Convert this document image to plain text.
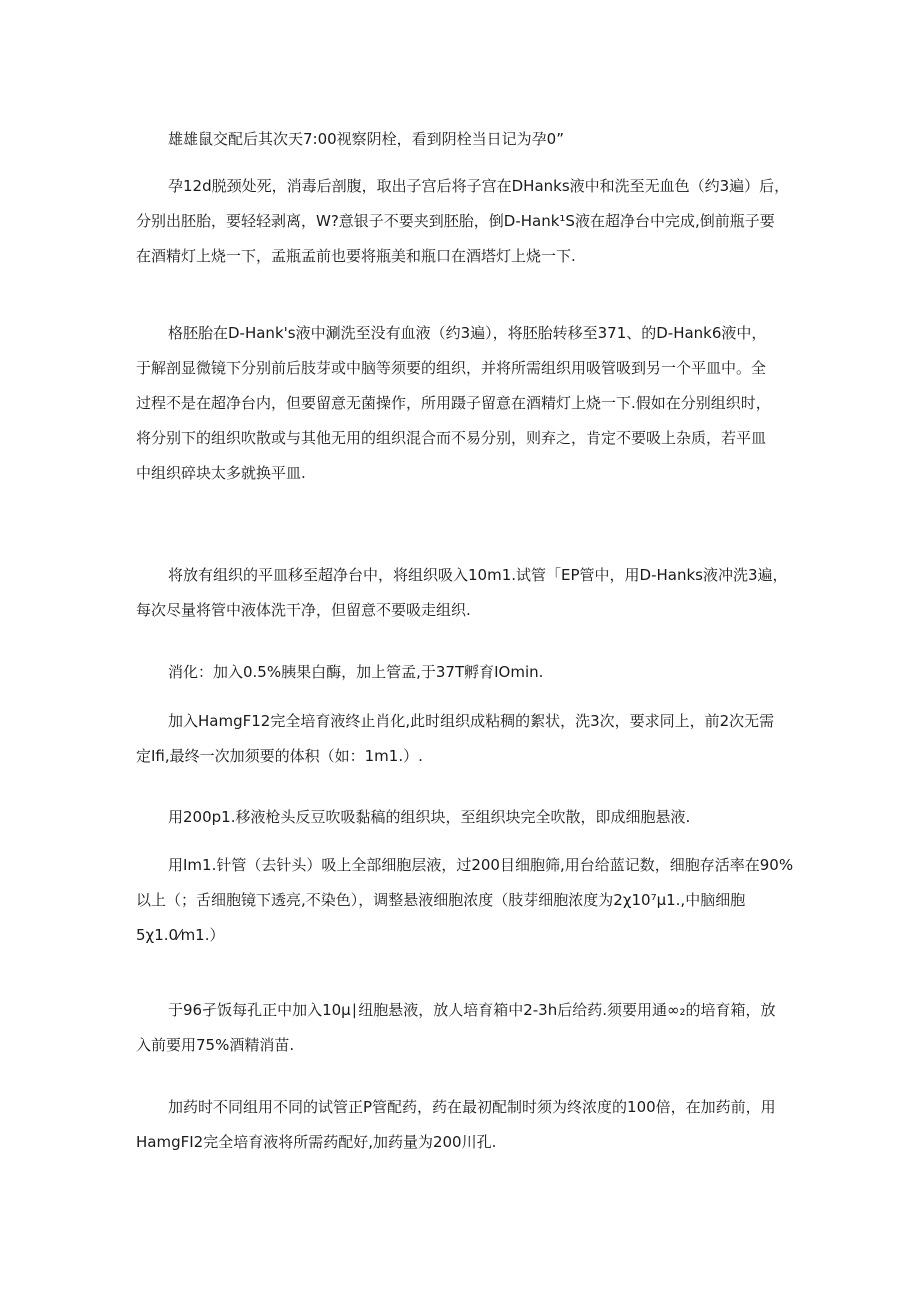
雄雄鼠交配后其次天7:00视察阴栓，看到阴栓当日记为孕0”

孕12d脱颈处死，消毒后剖腹，取出子宫后将子宫在DHanks液中和洗至无血色（约3遍）后，
分别出胚胎，要轻轻剥离，W?意银子不要夹到胚胎，倒D-Hank¹S液在超净台中完成,倒前瓶子要
在酒精灯上烧一下，孟瓶孟前也要将瓶美和瓶口在酒塔灯上烧一下.

格胚胎在D-Hank's液中涮洗至没有血液（约3遍），将胚胎转移至371、的D-Hank6液中，
于解剖显微镜下分别前后肢芽或中脑等须要的组织，并将所需组织用吸管吸到另一个平皿中。全
过程不是在超净台内，但要留意无菌操作，所用蹑子留意在酒精灯上烧一下.假如在分别组织时，
将分别下的组织吹散或与其他无用的组织混合而不易分别，则弃之，肯定不要吸上杂质，若平皿
中组织碎块太多就换平皿.

将放有组织的平皿移至超净台中，将组织吸入10m1.试管「EP管中，用D-Hanks液冲洗3遍，
每次尽量将管中液体洗干净，但留意不要吸走组织.

消化：加入0.5%胰果白酶，加上管孟,于37T孵育IOmin.

加入HamgF12完全培育液终止肖化,此时组织成粘稠的絮状，洗3次，要求同上，前2次无需
定Ifi,最终一次加须要的体积（如：1m1.）.

用200p1.移液枪头反豆吹吸黏稿的组织块，至组织块完全吹散，即成细胞悬液.

用Im1.针管（去针头）吸上全部细胞层液，过200目细胞筛,用台给蓝记数，细胞存活率在90%
以上（；舌细胞镜下透亮,不染色），调整悬液细胞浓度（肢芽细胞浓度为2χ10⁷μ1.,中脑细胞
5χ1.0⁄m1.）

于96孑饭每孔正中加入10μ∣纽胞悬液，放人培育箱中2-3h后给药.须要用通∞₂的培育箱，放
入前要用75%酒精消苗.

加药时不同组用不同的试管正P管配药，药在最初配制时须为终浓度的100倍，在加药前，用
HamgFI2完全培育液将所需药配好,加药量为200川孔.
